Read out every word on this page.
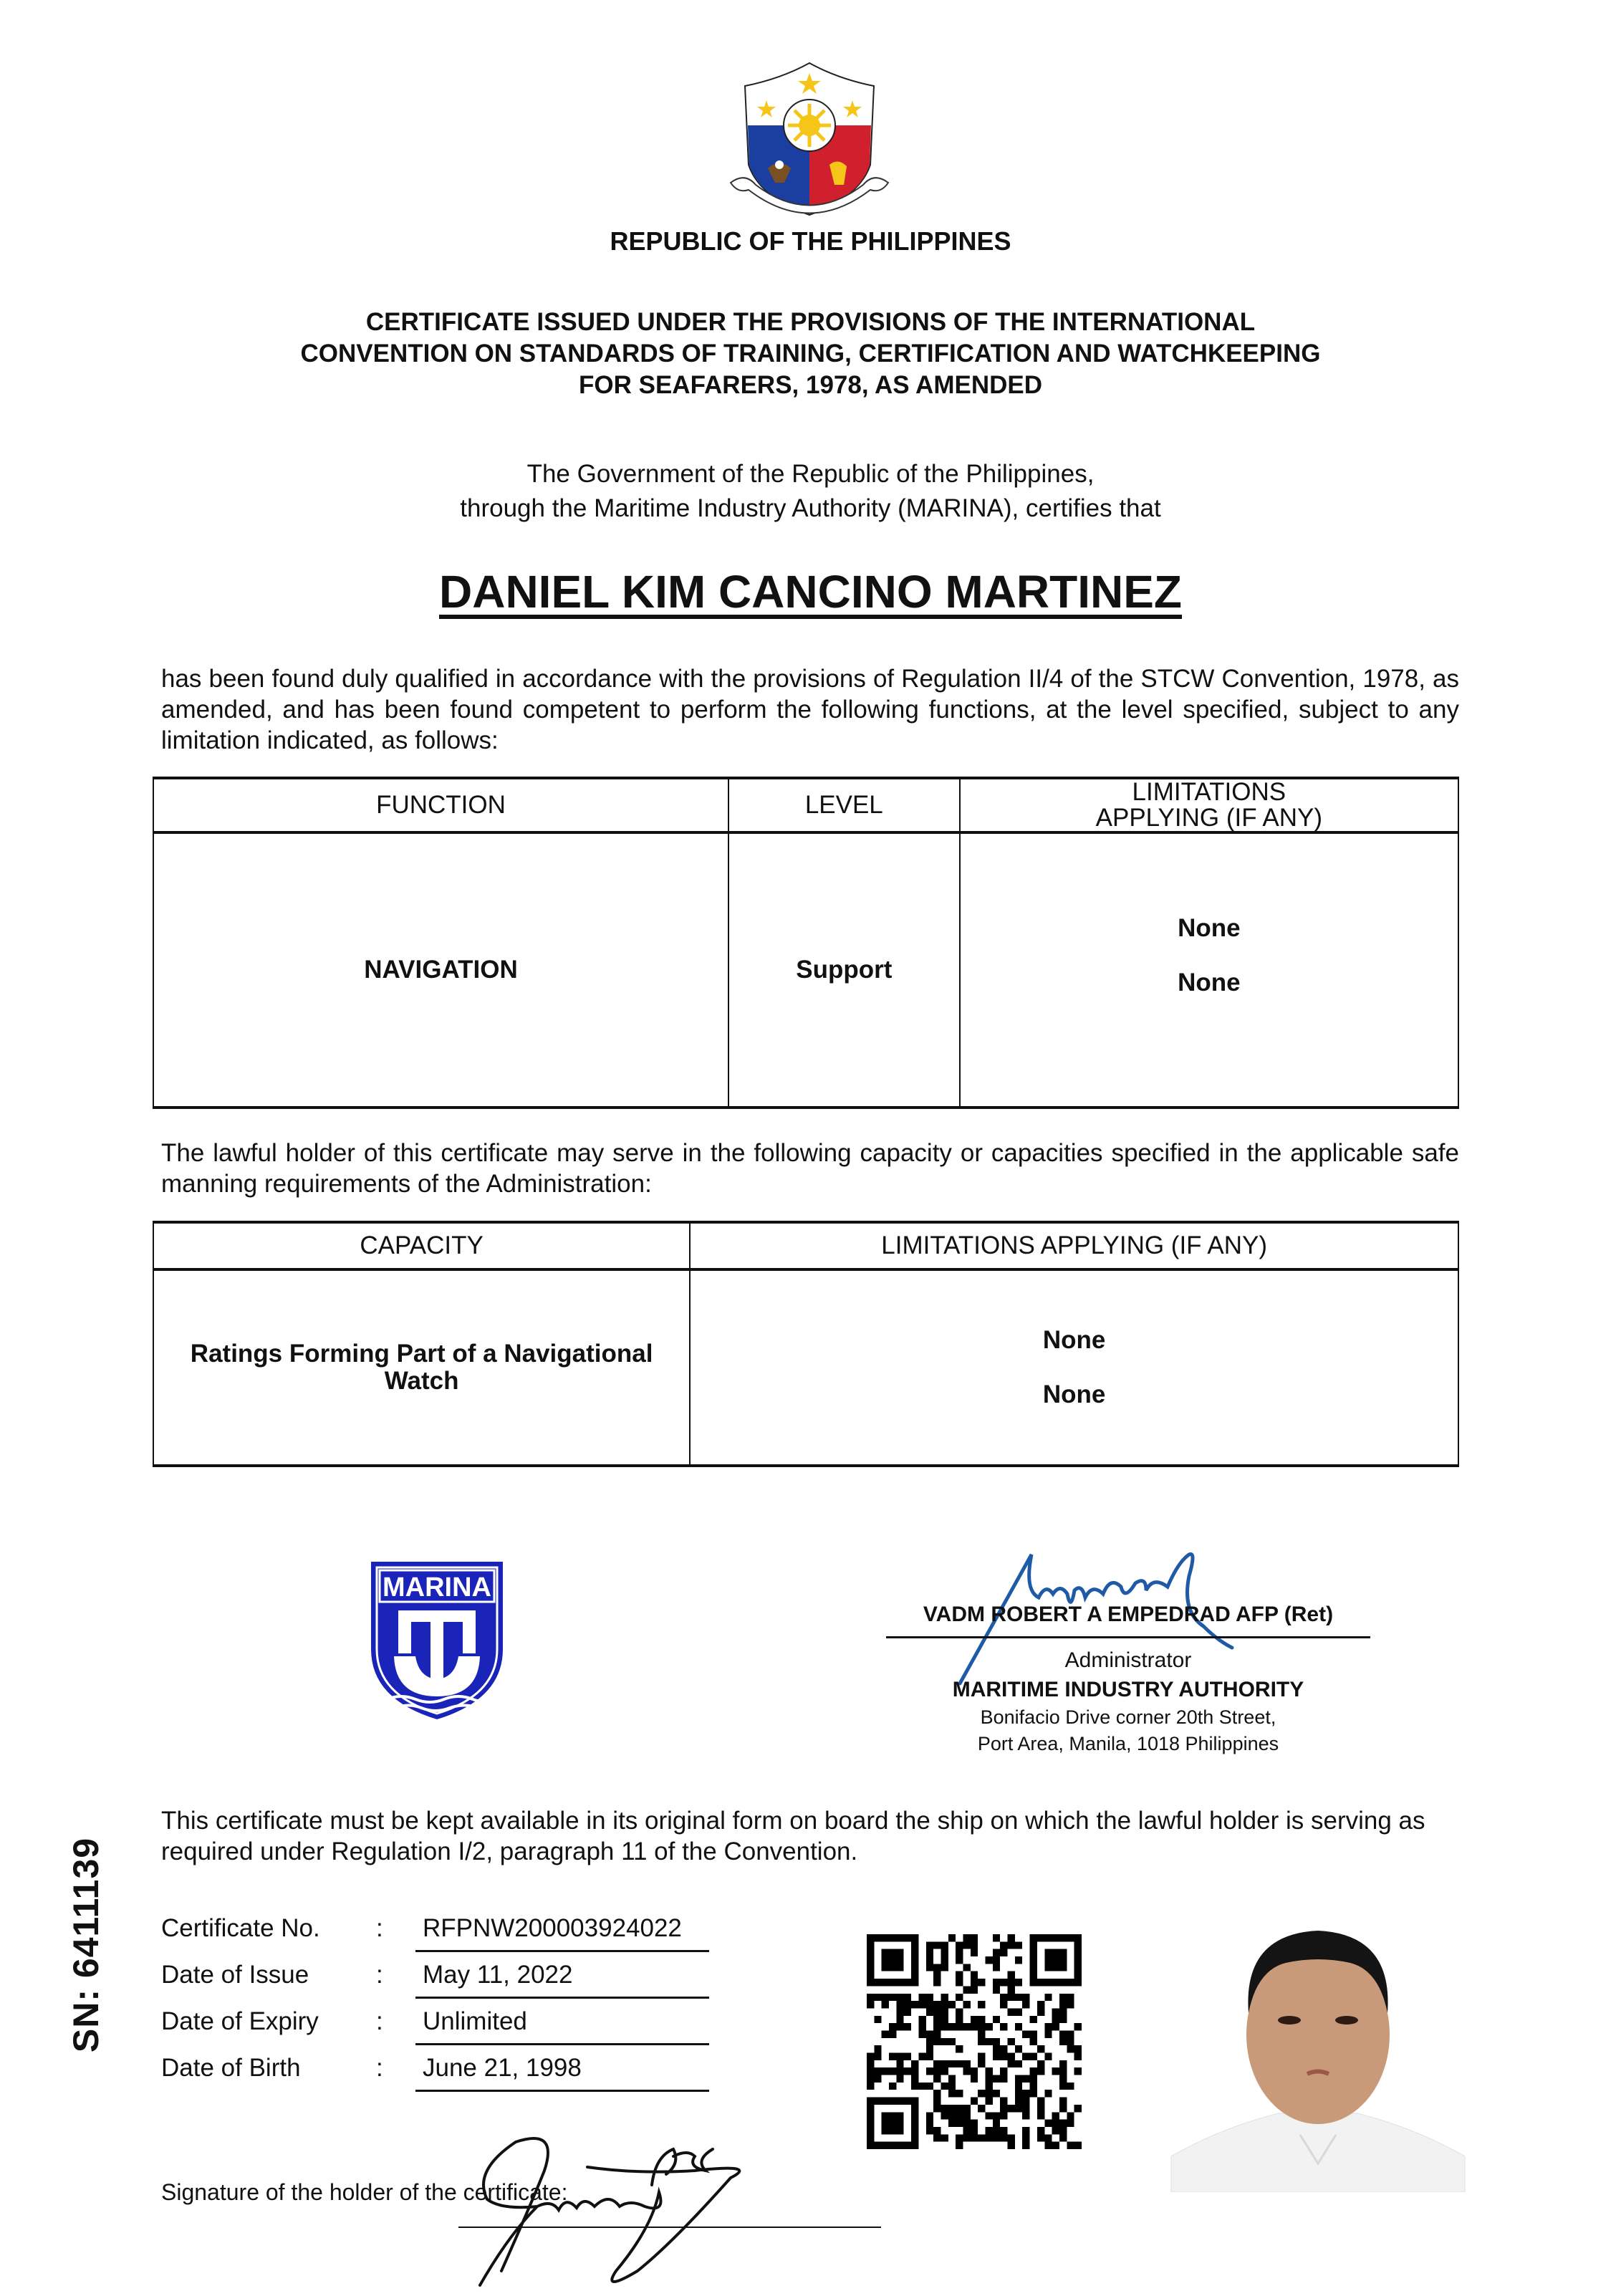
REPUBLIC OF THE PHILIPPINES
CERTIFICATE ISSUED UNDER THE PROVISIONS OF THE INTERNATIONAL
CONVENTION ON STANDARDS OF TRAINING, CERTIFICATION AND WATCHKEEPING
FOR SEAFARERS, 1978, AS AMENDED
The Government of the Republic of the Philippines,
through the Maritime Industry Authority (MARINA), certifies that
DANIEL KIM CANCINO MARTINEZ
has been found duly qualified in accordance with the provisions of Regulation II/4 of the STCW Convention, 1978, as amended, and has been found competent to perform the following functions, at the level specified, subject to any limitation indicated, as follows:
FUNCTION	LEVEL	LIMITATIONS APPLYING (IF ANY)
NAVIGATION	Support	None
None
The lawful holder of this certificate may serve in the following capacity or capacities specified in the applicable safe manning requirements of the Administration:
CAPACITY	LIMITATIONS APPLYING (IF ANY)
Ratings Forming Part of a Navigational Watch	None
None
MARINA
VADM ROBERT A EMPEDRAD AFP (Ret)
Administrator
MARITIME INDUSTRY AUTHORITY
Bonifacio Drive corner 20th Street,
Port Area, Manila, 1018 Philippines
This certificate must be kept available in its original form on board the ship on which the lawful holder is serving as required under Regulation I/2, paragraph 11 of the Convention.
SN: 6411139 Certificate No. : RFPNW200003924022
Date of Issue	: May 11, 2022
Date of Expiry : Unlimited
Date of Birth	: June 21, 1998
Signature of the holder of the certificate:
